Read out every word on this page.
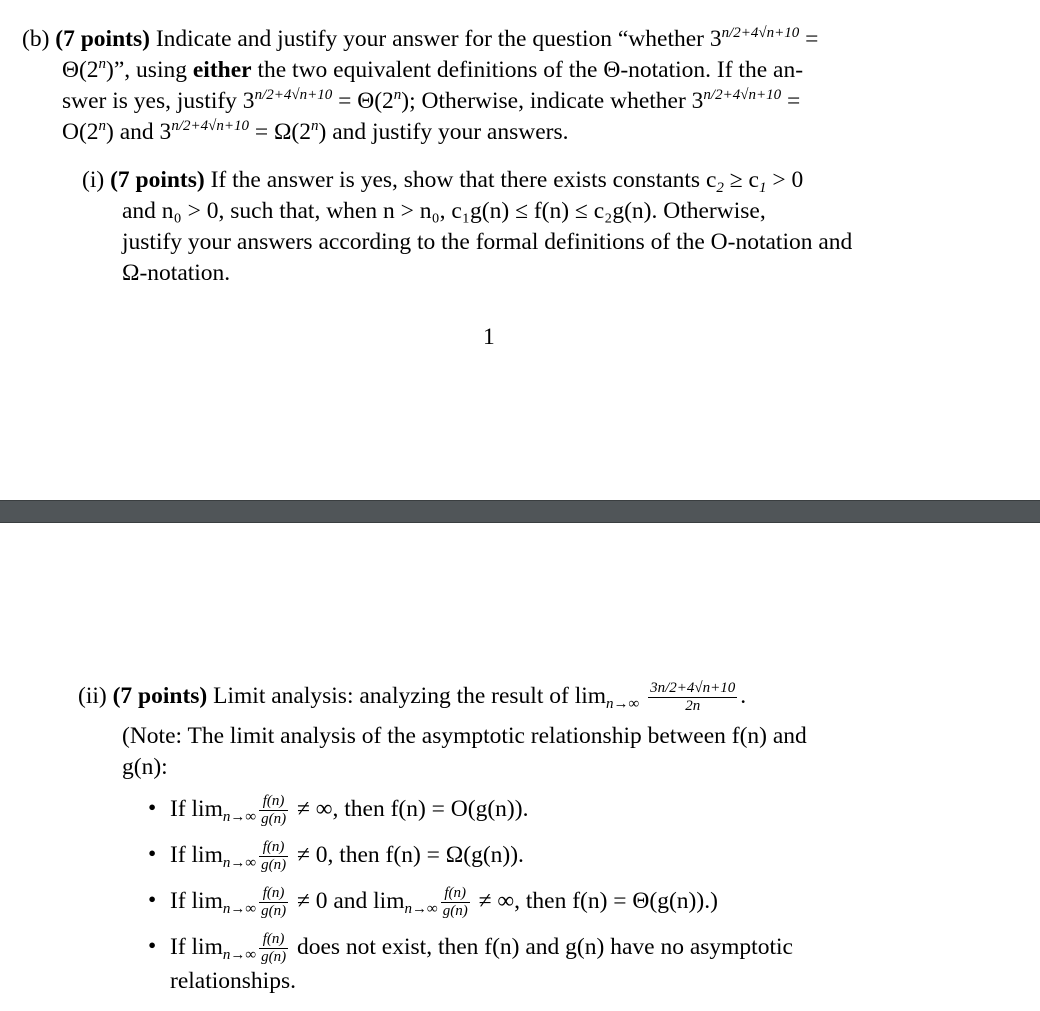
(b) (7 points) Indicate and justify your answer for the question “whether $3^{n/2+4√n+10}$ =
$\Theta(2^n)$”, using either the two equivalent definitions of the Θ-notation. If the an-
swer is yes, justify $3^{n/2+4√n+10} = \Theta(2^n)$; Otherwise, indicate whether $3^{n/2+4√n+10}$ =
$O(2^n)$ and $3^{n/2+4√n+10} = \Omega(2^n)$ and justify your answers.
(i) (7 points) If the answer is yes, show that there exists constants $c_2 \ge c_1 > 0$
and n₀ > 0, such that, when n > n₀, c₁g(n) ≤ f(n) ≤ c₂g(n). Otherwise,
justify your answers according to the formal definitions of the O-notation and
Ω-notation.
1
(ii) (7 points) Limit analysis: analyzing the result of $\lim_{n\to\infty} \frac{3n/2+4√n+10}{2n}$ .
(Note: The limit analysis of the asymptotic relationship between f(n) and
g(n):
• If $\lim_{n\to\infty} \frac{f(n)}{g(n)}$ ≠ ∞, then f(n) = O(g(n)).
• If $\lim_{n\to\infty} \frac{f(n)}{g(n)} \ne 0$, then f(n) = Ω(g(n)).
• If $\lim_{n\to\infty} \frac{f(n)}{g(n)} \ne 0$ and $\lim_{n\to\infty} \frac{f(n)}{g(n)}$ ≠ ∞, then f(n) = Θ(g(n)).)
• If $\lim_{n\to\infty} \frac{f(n)}{g(n)}$ does not exist, then f(n) and g(n) have no asymptotic
relationships.
